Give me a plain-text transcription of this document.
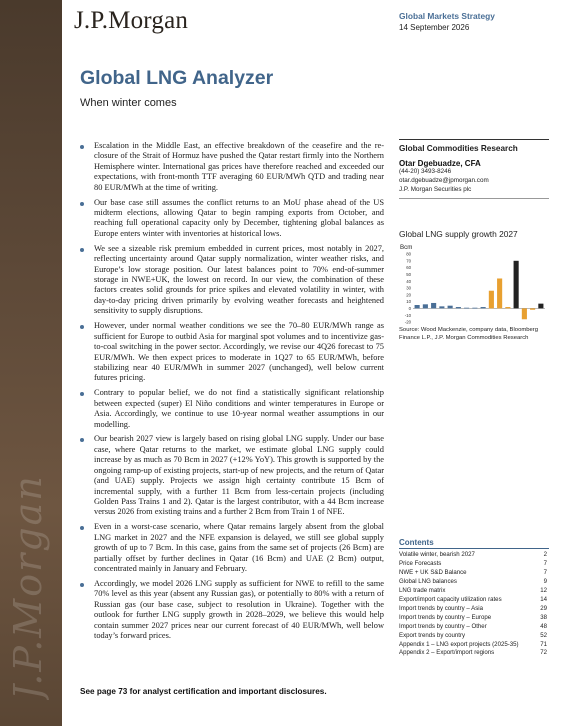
J.P.Morgan
J.P.Morgan	Global Markets Strategy
14 September 2026
Global LNG Analyzer
When winter comes
Escalation in the Middle East, an effective breakdown of the ceasefire and the re-closure of the Strait of Hormuz have pushed the Qatar restart firmly into the Northern Hemisphere winter. International gas prices have therefore reached and exceeded our expectations, with front-month TTF averaging 60 EUR/MWh QTD and trading near 80 EUR/MWh at the time of writing.
Our base case still assumes the conflict returns to an MoU phase ahead of the US midterm elections, allowing Qatar to begin ramping exports from October, and reaching full operational capacity only by December, tightening global balances as Europe enters winter with inventories at historical lows.
We see a sizeable risk premium embedded in current prices, most notably in 2027, reflecting uncertainty around Qatar supply normalization, winter weather risks, and Europe’s low storage position. Our latest balances point to 70% end-of-summer storage in NWE+UK, the lowest on record. In our view, the combination of these factors creates solid grounds for price spikes and elevated volatility in winter, with day-to-day pricing driven primarily by evolving weather forecasts and heightened sensitivity to supply disruptions.
However, under normal weather conditions we see the 70–80 EUR/MWh range as sufficient for Europe to outbid Asia for marginal spot volumes and to incentivize gas-to-coal switching in the power sector. Accordingly, we revise our 4Q26 forecast to 75 EUR/MWh. We then expect prices to moderate in 1Q27 to 65 EUR/MWh, before stabilizing near 40 EUR/MWh in summer 2027 (unchanged), well below current futures pricing.
Contrary to popular belief, we do not find a statistically significant relationship between expected (super) El Niño conditions and winter temperatures in Europe or Asia. Accordingly, we continue to use 10-year normal weather assumptions in our modelling.
Our bearish 2027 view is largely based on rising global LNG supply. Under our base case, where Qatar returns to the market, we estimate global LNG supply could increase by as much as 70 Bcm in 2027 (+12% YoY). This growth is supported by the ongoing ramp-up of existing projects, start-up of new projects, and the return of Qatar (and UAE) supply. Projects we assign high certainty contribute 15 Bcm of incremental supply, with a further 11 Bcm from less-certain projects (including Golden Pass Trains 1 and 2). Qatar is the largest contributor, with a 44 Bcm increase versus 2026 from existing trains and a further 2 Bcm from Train 1 of NFE.
Even in a worst-case scenario, where Qatar remains largely absent from the global LNG market in 2027 and the NFE expansion is delayed, we still see global supply growth of up to 7 Bcm. In this case, gains from the same set of projects (26 Bcm) are partially offset by further declines in Qatar (16 Bcm) and UAE (2 Bcm) output, concentrated mainly in January and February.
Accordingly, we model 2026 LNG supply as sufficient for NWE to refill to the same 70% level as this year (absent any Russian gas), or potentially to 80% with a return of Russian gas (our base case, subject to resolution in Ukraine). Together with the outlook for further LNG supply growth in 2028–2029, we believe this would help contain summer 2027 prices near our current forecast of 40 EUR/MWh, well below today’s forward prices.
See page 73 for analyst certification and important disclosures.
Global Commodities Research
Otar Dgebuadze, CFA
(44-20) 3493-8246
otar.dgebuadze@jpmorgan.com
J.P. Morgan Securities plc
Global LNG supply growth 2027
Bcm
80
70
60
50
40
30
20
10
0
-10
-20
Source: Wood Mackenzie, company data, Bloomberg Finance L.P., J.P. Morgan Commodities Research
Contents
Volatile winter, bearish 2027	2
Price Forecasts	7
NWE + UK S&D Balance	7
Global LNG balances	9
LNG trade matrix	12
Export/import capacity utilization rates	14
Import trends by country – Asia	29
Import trends by country – Europe	38
Import trends by country – Other	48
Export trends by country	52
Appendix 1 – LNG export projects (2025-35)	71
Appendix 2 – Export/import regions	72
